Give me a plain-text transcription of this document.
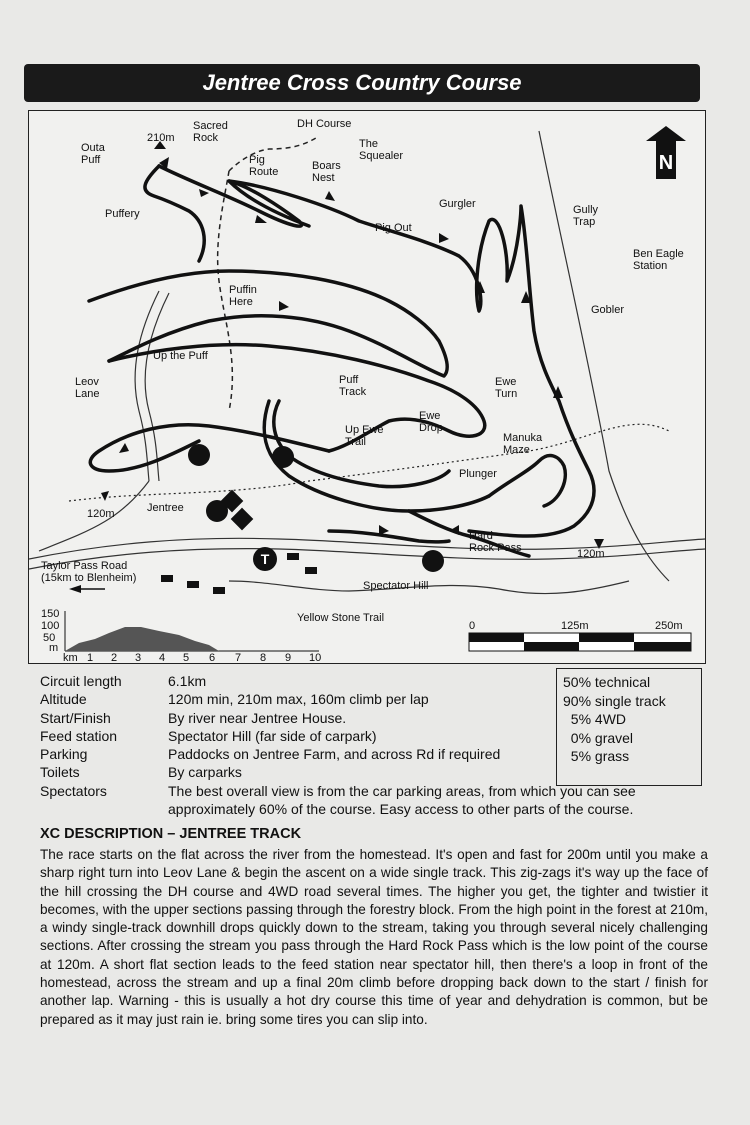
Jentree Cross Country Course
N
Outa Puff
210m
Sacred Rock
DH Course
Pig Route	Boars Nest
The Squealer
Puffery
Pig Out
Gurgler	Gully Trap
Ben Eagle Station
Puffin Here
Gobler
Up the Puff
Leov Lane
Puff Track
Ewe Turn
Ewe Drop
Up Ewe Trail	Manuka Maze
Plunger
120m	Jentree
120m
Hard Rock Pass
Taylor Pass Road (15km to Blenheim)
Spectator Hill
Yellow Stone Trail
T
0	125m	250m
150
100
50
m
km 1 2 3 4 5 6 7 8 9 10
Circuit length	6.1km
Altitude	120m min, 210m max, 160m climb per lap
Start/Finish	By river near Jentree House.
Feed station	Spectator Hill (far side of carpark)
Parking	Paddocks on Jentree Farm, and across Rd if required
Toilets	By carparks
Spectators	The best overall view is from the car parking areas, from which you can see
approximately 60% of the course. Easy access to other parts of the course.
50% technical
90% single track
5% 4WD
0% gravel
5% grass
XC DESCRIPTION – JENTREE TRACK
The race starts on the flat across the river from the homestead. It's open and fast for 200m until you make a sharp right turn into Leov Lane & begin the ascent on a wide single track. This zig-zags it's way up the face of the hill crossing the DH course and 4WD road several times. The higher you get, the tighter and twistier it becomes, with the upper sections passing through the forestry block. From the high point in the forest at 210m, a windy single-track downhill drops quickly down to the stream, taking you through several nicely challenging sections. After crossing the stream you pass through the Hard Rock Pass which is the low point of the course at 120m. A short flat section leads to the feed station near spectator hill, then there's a loop in front of the homestead, across the stream and up a final 20m climb before dropping back down to the start / finish for another lap. Warning - this is usually a hot dry course this time of year and dehydration is common, but be prepared as it may just rain ie. bring some tires you can slip into.
